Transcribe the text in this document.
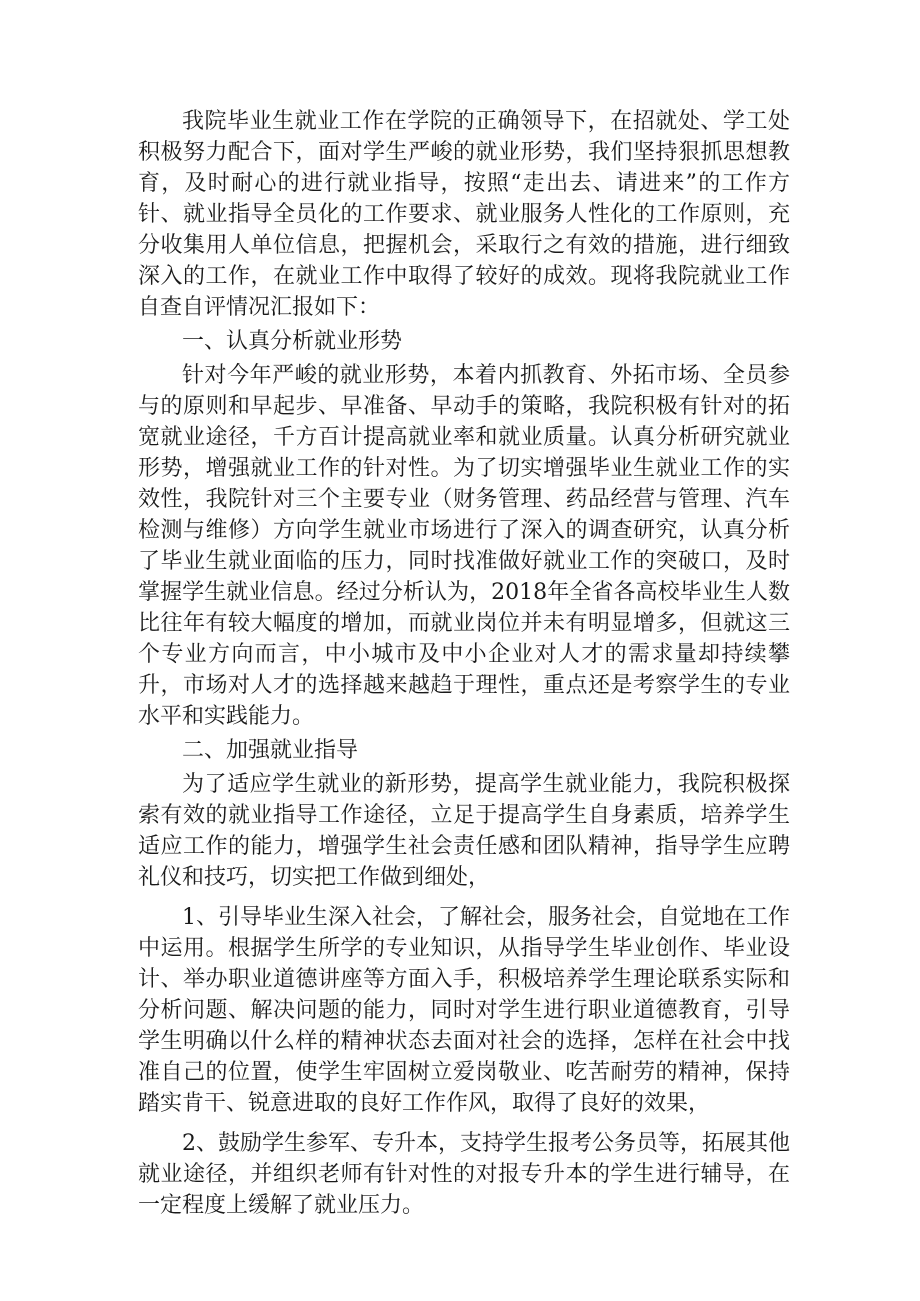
我院毕业生就业工作在学院的正确领导下，在招就处、学工处积极努力配合下，面对学生严峻的就业形势，我们坚持狠抓思想教育，及时耐心的进行就业指导，按照“走出去、请进来”的工作方针、就业指导全员化的工作要求、就业服务人性化的工作原则，充分收集用人单位信息，把握机会，采取行之有效的措施，进行细致深入的工作，在就业工作中取得了较好的成效。现将我院就业工作自查自评情况汇报如下：

一、认真分析就业形势

针对今年严峻的就业形势，本着内抓教育、外拓市场、全员参与的原则和早起步、早准备、早动手的策略，我院积极有针对的拓宽就业途径，千方百计提高就业率和就业质量。认真分析研究就业形势，增强就业工作的针对性。为了切实增强毕业生就业工作的实效性，我院针对三个主要专业（财务管理、药品经营与管理、汽车检测与维修）方向学生就业市场进行了深入的调查研究，认真分析了毕业生就业面临的压力，同时找准做好就业工作的突破口，及时掌握学生就业信息。经过分析认为，2018年全省各高校毕业生人数比往年有较大幅度的增加，而就业岗位并未有明显增多，但就这三个专业方向而言，中小城市及中小企业对人才的需求量却持续攀升，市场对人才的选择越来越趋于理性，重点还是考察学生的专业水平和实践能力。

二、加强就业指导

为了适应学生就业的新形势，提高学生就业能力，我院积极探索有效的就业指导工作途径，立足于提高学生自身素质，培养学生适应工作的能力，增强学生社会责任感和团队精神，指导学生应聘礼仪和技巧，切实把工作做到细处，

1、引导毕业生深入社会，了解社会，服务社会，自觉地在工作中运用。根据学生所学的专业知识，从指导学生毕业创作、毕业设计、举办职业道德讲座等方面入手，积极培养学生理论联系实际和分析问题、解决问题的能力，同时对学生进行职业道德教育，引导学生明确以什么样的精神状态去面对社会的选择，怎样在社会中找准自己的位置，使学生牢固树立爱岗敬业、吃苦耐劳的精神，保持踏实肯干、锐意进取的良好工作作风，取得了良好的效果，

2、鼓励学生参军、专升本，支持学生报考公务员等，拓展其他就业途径，并组织老师有针对性的对报专升本的学生进行辅导，在一定程度上缓解了就业压力。
